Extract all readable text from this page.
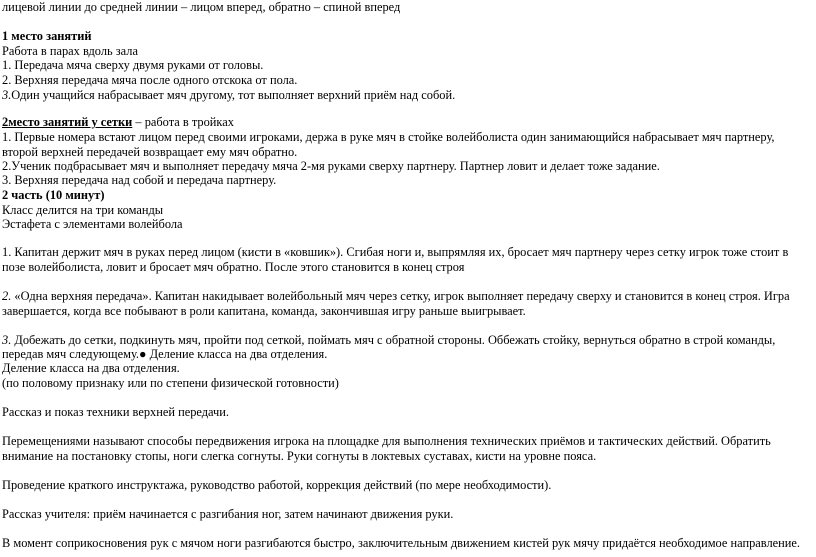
лицевой линии до средней линии – лицом вперед, обратно – спиной вперед
1 место занятий
Работа в парах вдоль зала
1. Передача мяча сверху двумя руками от головы.
2. Верхняя передача мяча после одного отскока от пола.
3.Один учащийся набрасывает мяч другому, тот выполняет верхний приём над собой.
2место занятий у сетки – работа в тройках
1. Первые номера встают лицом перед своими игроками, держа в руке мяч в стойке волейболиста один занимающийся набрасывает мяч партнеру,
второй верхней передачей возвращает ему мяч обратно.
2.Ученик подбрасывает мяч и выполняет передачу мяча 2-мя руками сверху партнеру. Партнер ловит и делает тоже задание.
3. Верхняя передача над собой и передача партнеру.
2 часть (10 минут)
Класс делится на три команды
Эстафета с элементами волейбола
1. Капитан держит мяч в руках перед лицом (кисти в «ковшик»). Сгибая ноги и, выпрямляя их, бросает мяч партнеру через сетку игрок тоже стоит в
позе волейболиста, ловит и бросает мяч обратно. После этого становится в конец строя
2. «Одна верхняя передача». Капитан накидывает волейбольный мяч через сетку, игрок выполняет передачу сверху и становится в конец строя. Игра
завершается, когда все побывают в роли капитана, команда, закончившая игру раньше выигрывает.
3. Добежать до сетки, подкинуть мяч, пройти под сеткой, поймать мяч с обратной стороны. Оббежать стойку, вернуться обратно в строй команды,
передав мяч следующему.● Деление класса на два отделения.
Деление класса на два отделения.
(по половому признаку или по степени физической готовности)
Рассказ и показ техники верхней передачи.
Перемещениями называют способы передвижения игрока на площадке для выполнения технических приёмов и тактических действий. Обратить
внимание на постановку стопы, ноги слегка согнуты. Руки согнуты в локтевых суставах, кисти на уровне пояса.
Проведение краткого инструктажа, руководство работой, коррекция действий (по мере необходимости).
Рассказ учителя: приём начинается с разгибания ног, затем начинают движения руки.
В момент соприкосновения рук с мячом ноги разгибаются быстро, заключительным движением кистей рук мячу придаётся необходимое направление.
